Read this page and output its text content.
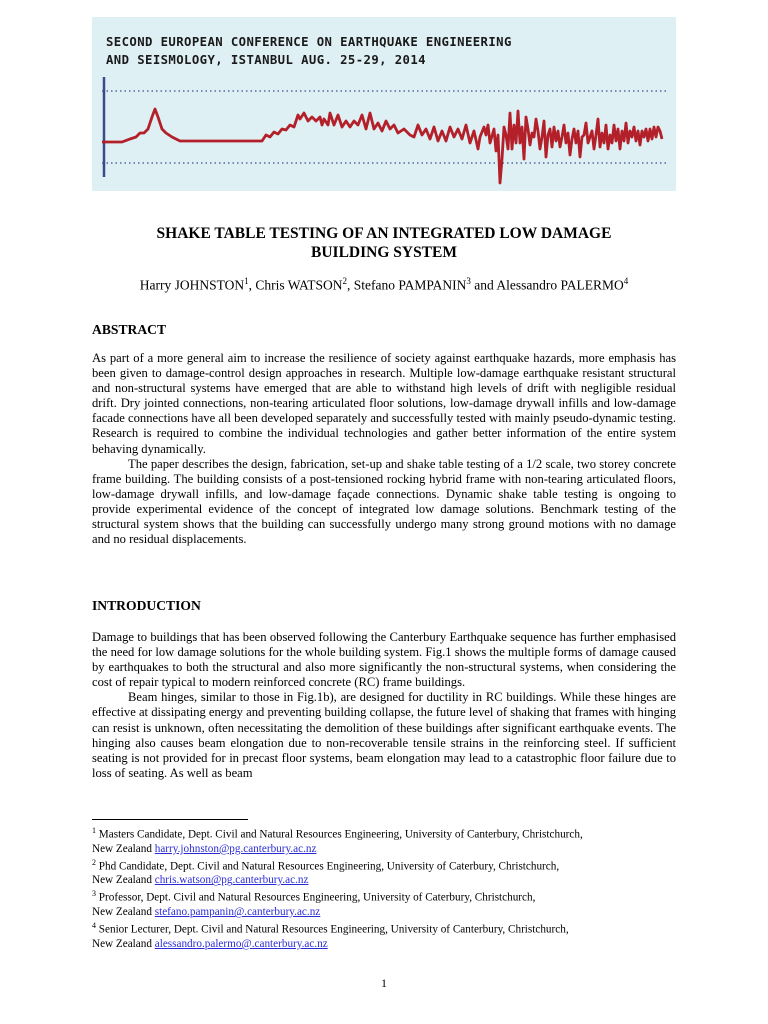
SECOND EUROPEAN CONFERENCE ON EARTHQUAKE ENGINEERING
AND SEISMOLOGY, ISTANBUL AUG. 25-29, 2014
SHAKE TABLE TESTING OF AN INTEGRATED LOW DAMAGE
BUILDING SYSTEM
Harry JOHNSTON$^1$, Chris WATSON$^2$, Stefano PAMPANIN$^3$ and Alessandro PALERMO$^4$
ABSTRACT

As part of a more general aim to increase the resilience of society against earthquake hazards, more emphasis has been given to damage-control design approaches in research. Multiple low-damage earthquake resistant structural and non-structural systems have emerged that are able to withstand high levels of drift with negligible residual drift. Dry jointed connections, non-tearing articulated floor solutions, low-damage drywall infills and low-damage facade connections have all been developed separately and successfully tested with mainly pseudo-dynamic testing. Research is required to combine the individual technologies and gather better information of the entire system behaving dynamically.

The paper describes the design, fabrication, set-up and shake table testing of a 1/2 scale, two storey concrete frame building. The building consists of a post-tensioned rocking hybrid frame with non-tearing articulated floors, low-damage drywall infills, and low-damage façade connections. Dynamic shake table testing is ongoing to provide experimental evidence of the concept of integrated low damage solutions. Benchmark testing of the structural system shows that the building can successfully undergo many strong ground motions with no damage and no residual displacements.

INTRODUCTION

Damage to buildings that has been observed following the Canterbury Earthquake sequence has further emphasised the need for low damage solutions for the whole building system. Fig.1 shows the multiple forms of damage caused by earthquakes to both the structural and also more significantly the non-structural systems, when considering the cost of repair typical to modern reinforced concrete (RC) frame buildings.

Beam hinges, similar to those in Fig.1b), are designed for ductility in RC buildings. While these hinges are effective at dissipating energy and preventing building collapse, the future level of shaking that frames with hinging can resist is unknown, often necessitating the demolition of these buildings after significant earthquake events. The hinging also causes beam elongation due to non-recoverable tensile strains in the reinforcing steel. If sufficient seating is not provided for in precast floor systems, beam elongation may lead to a catastrophic floor failure due to loss of seating. As well as beam

$^1$ Masters Candidate, Dept. Civil and Natural Resources Engineering, University of Canterbury, Christchurch,
New Zealand harry.johnston@pg.canterbury.ac.nz

$^2$ Phd Candidate, Dept. Civil and Natural Resources Engineering, University of Caterbury, Christchurch,
New Zealand chris.watson@pg.canterbury.ac.nz

$^3$ Professor, Dept. Civil and Natural Resources Engineering, University of Caterbury, Christchurch,
New Zealand stefano.pampanin@.canterbury.ac.nz

$^4$ Senior Lecturer, Dept. Civil and Natural Resources Engineering, University of Canterbury, Christchurch,
New Zealand alessandro.palermo@.canterbury.ac.nz

1
